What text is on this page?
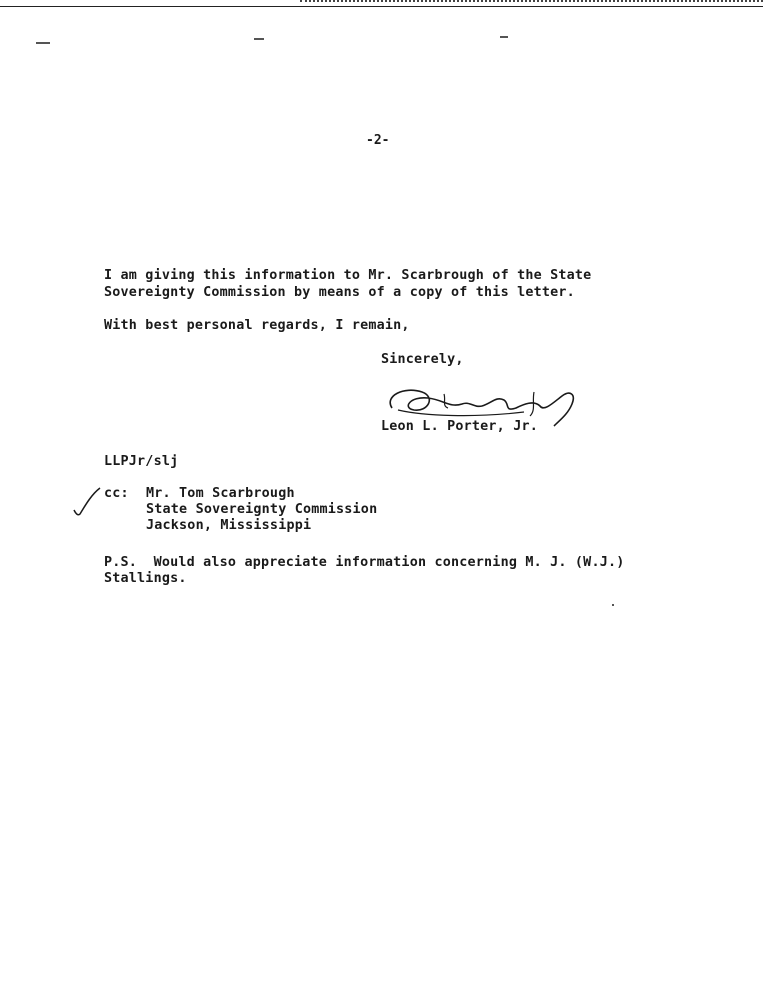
-2-
I am giving this information to Mr. Scarbrough of the State
Sovereignty Commission by means of a copy of this letter.
With best personal regards, I remain,
Sincerely,
Leon L. Porter, Jr.
LLPJr/slj
cc: Mr. Tom Scarbrough
State Sovereignty Commission
Jackson, Mississippi
P.S.  Would also appreciate information concerning M. J. (W.J.)
Stallings.
